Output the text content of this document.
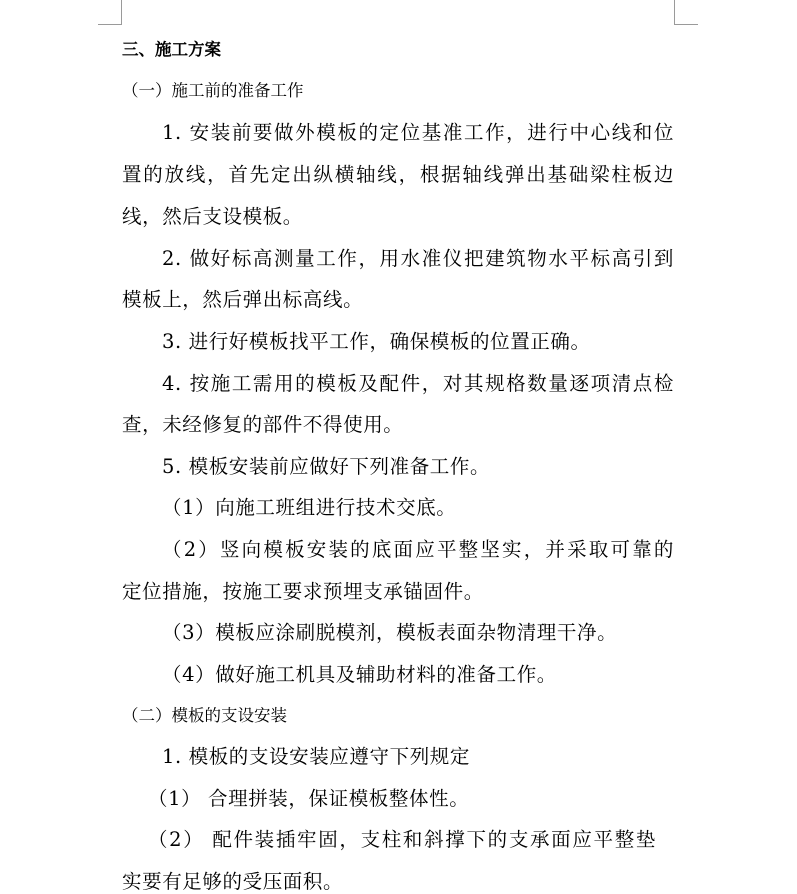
三、施工方案
（一）施工前的准备工作
1. 安装前要做外模板的定位基准工作，进行中心线和位
置的放线，首先定出纵横轴线，根据轴线弹出基础梁柱板边
线，然后支设模板。
2. 做好标高测量工作，用水准仪把建筑物水平标高引到
模板上，然后弹出标高线。
3. 进行好模板找平工作，确保模板的位置正确。
4. 按施工需用的模板及配件，对其规格数量逐项清点检
查，未经修复的部件不得使用。
5. 模板安装前应做好下列准备工作。
（1）向施工班组进行技术交底。
（2）竖向模板安装的底面应平整坚实，并采取可靠的
定位措施，按施工要求预埋支承锚固件。
（3）模板应涂刷脱模剂，模板表面杂物清理干净。
（4）做好施工机具及辅助材料的准备工作。
（二）模板的支设安装
1. 模板的支设安装应遵守下列规定
（1） 合理拼装，保证模板整体性。
（2） 配件装插牢固，支柱和斜撑下的支承面应平整垫
实要有足够的受压面积。
